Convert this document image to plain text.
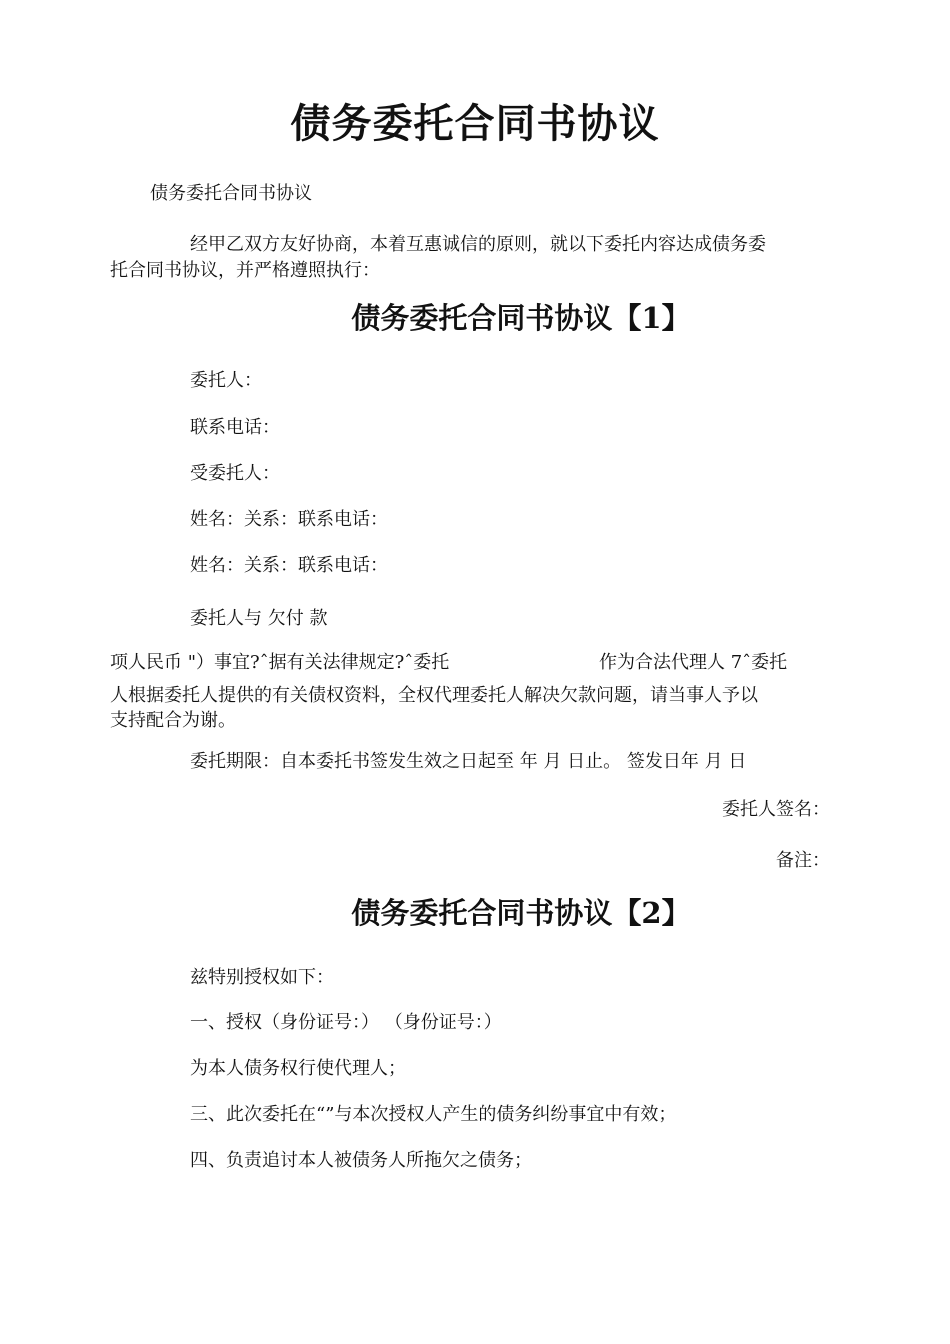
债务委托合同书协议
债务委托合同书协议
经甲乙双方友好协商，本着互惠诚信的原则，就以下委托内容达成债务委
托合同书协议，并严格遵照执行：
债务委托合同书协议【1】
委托人：
联系电话：
受委托人：
姓名：关系：联系电话：
姓名：关系：联系电话：
委托人与 欠付 款
项人民币 "）事宜?ˆ据有关法律规定?ˆ委托	作为合法代理人 7ˆ委托
人根据委托人提供的有关债权资料，全权代理委托人解决欠款问题，请当事人予以
支持配合为谢。
委托期限：自本委托书签发生效之日起至 年 月 日止。 签发日年 月 日
委托人签名：
备注：
债务委托合同书协议【2】
兹特别授权如下：
一、授权（身份证号：） （身份证号：）
为本人债务权行使代理人；
三、此次委托在“”与本次授权人产生的债务纠纷事宜中有效；
四、负责追讨本人被债务人所拖欠之债务；
